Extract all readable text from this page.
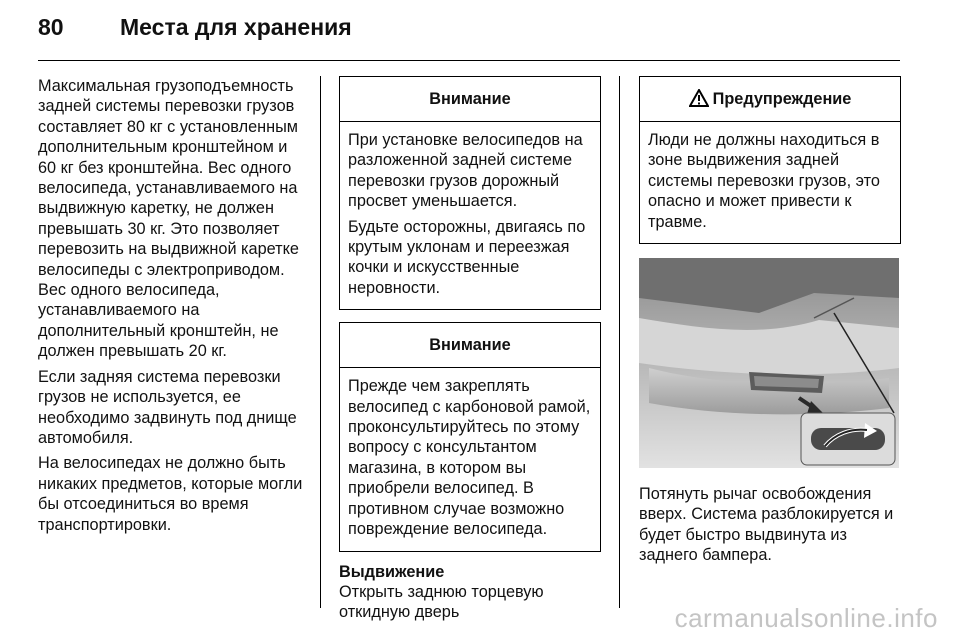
80	Места для хранения

Максимальная грузоподъемность задней системы перевозки грузов составляет 80 кг с установленным дополнительным кронштейном и 60 кг без кронштейна. Вес одного велосипеда, устанавливаемого на выдвижную каретку, не должен превышать 30 кг. Это позволяет перевозить на выдвижной каретке велосипеды с электроприводом. Вес одного велосипеда, устанавливаемого на дополнительный кронштейн, не должен превышать 20 кг.

Если задняя система перевозки грузов не используется, ее необходимо задвинуть под днище автомобиля.

На велосипедах не должно быть никаких предметов, которые могли бы отсоединиться во время транспортировки.

Внимание

При установке велосипедов на разложенной задней системе перевозки грузов дорожный просвет уменьшается.

Будьте осторожны, двигаясь по крутым уклонам и переезжая кочки и искусственные неровности.

Внимание

Прежде чем закреплять велосипед с карбоновой рамой, проконсультируйтесь по этому вопросу с консультантом магазина, в котором вы приобрели велосипед. В противном случае возможно повреждение велосипеда.

Выдвижение
Открыть заднюю торцевую откидную дверь
Предупреждение

Люди не должны находиться в зоне выдвижения задней системы перевозки грузов, это опасно и может привести к травме.

Потянуть рычаг освобождения вверх. Система разблокируется и будет быстро выдвинута из заднего бампера.
carmanualsonline.info
